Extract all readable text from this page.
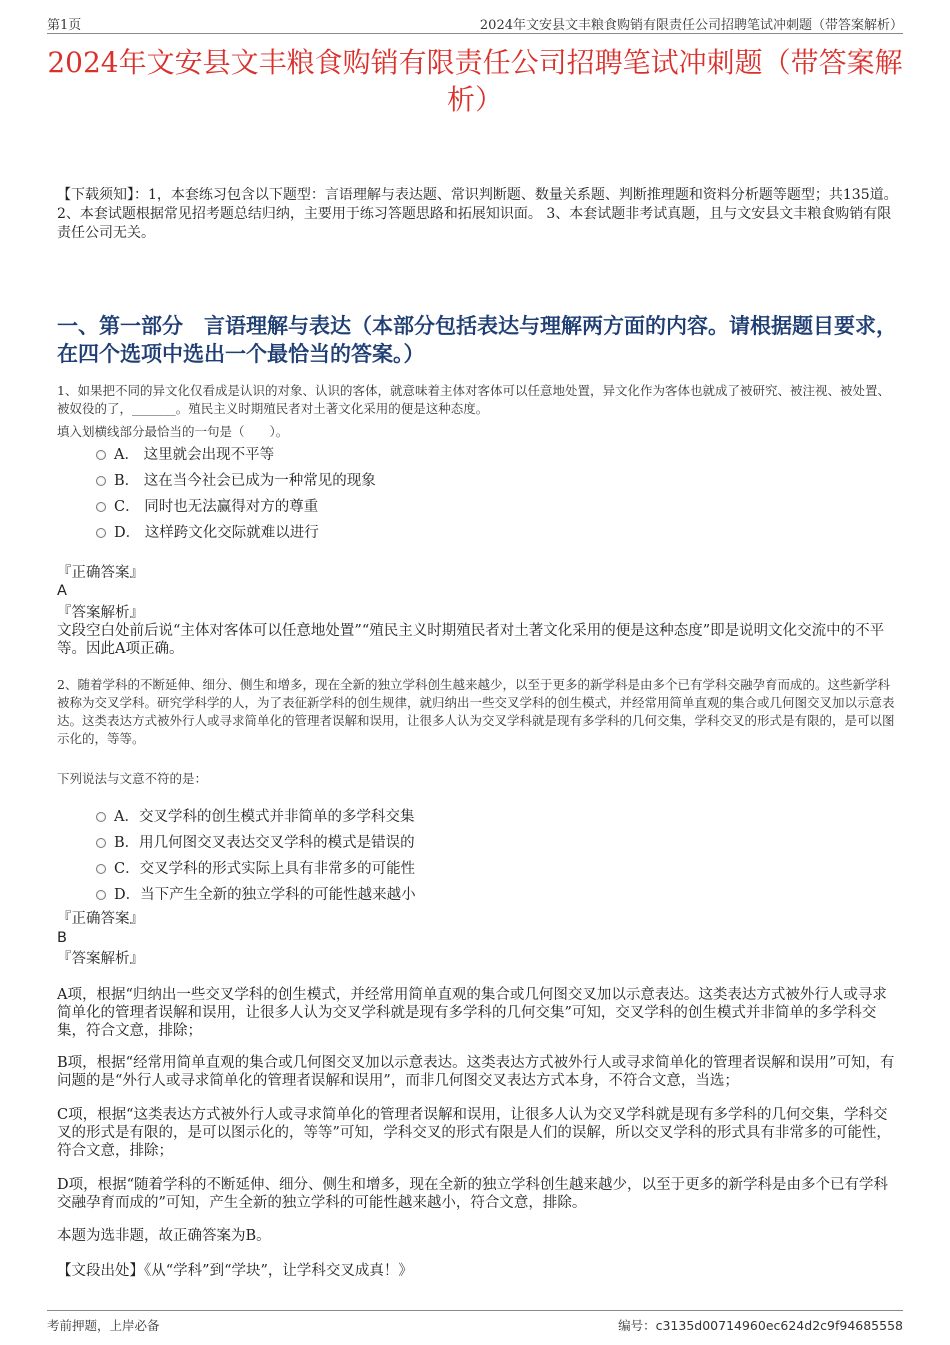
第1页	2024年文安县文丰粮食购销有限责任公司招聘笔试冲刺题（带答案解析）
2024年文安县文丰粮食购销有限责任公司招聘笔试冲刺题（带答案解析）

【下载须知】：1，本套练习包含以下题型：言语理解与表达题、常识判断题、数量关系题、判断推理题和资料分析题等题型；共135道。 2、本套试题根据常见招考题总结归纳，主要用于练习答题思路和拓展知识面。 3、本套试题非考试真题，且与文安县文丰粮食购销有限责任公司无关。

一、第一部分　言语理解与表达（本部分包括表达与理解两方面的内容。请根据题目要求，在四个选项中选出一个最恰当的答案。）

1、如果把不同的异文化仅看成是认识的对象、认识的客体，就意味着主体对客体可以任意地处置，异文化作为客体也就成了被研究、被注视、被处置、被奴役的了，_______。殖民主义时期殖民者对土著文化采用的便是这种态度。

填入划横线部分最恰当的一句是（　　）。

A． 这里就会出现不平等
B． 这在当今社会已成为一种常见的现象
C． 同时也无法赢得对方的尊重
D． 这样跨文化交际就难以进行
『正确答案』
A
『答案解析』

文段空白处前后说“主体对客体可以任意地处置”“殖民主义时期殖民者对土著文化采用的便是这种态度”即是说明文化交流中的不平等。因此A项正确。

2、随着学科的不断延伸、细分、侧生和增多，现在全新的独立学科创生越来越少，以至于更多的新学科是由多个已有学科交融孕育而成的。这些新学科被称为交叉学科。研究学科学的人，为了表征新学科的创生规律，就归纳出一些交叉学科的创生模式，并经常用简单直观的集合或几何图交叉加以示意表达。这类表达方式被外行人或寻求简单化的管理者误解和误用，让很多人认为交叉学科就是现有多学科的几何交集，学科交叉的形式是有限的，是可以图示化的，等等。

下列说法与文意不符的是：

A．交叉学科的创生模式并非简单的多学科交集
B．用几何图交叉表达交叉学科的模式是错误的
C．交叉学科的形式实际上具有非常多的可能性
D．当下产生全新的独立学科的可能性越来越小
『正确答案』
B
『答案解析』

A项，根据“归纳出一些交叉学科的创生模式，并经常用简单直观的集合或几何图交叉加以示意表达。这类表达方式被外行人或寻求简单化的管理者误解和误用，让很多人认为交叉学科就是现有多学科的几何交集”可知，交叉学科的创生模式并非简单的多学科交集，符合文意，排除；

B项，根据“经常用简单直观的集合或几何图交叉加以示意表达。这类表达方式被外行人或寻求简单化的管理者误解和误用”可知，有问题的是“外行人或寻求简单化的管理者误解和误用”，而非几何图交叉表达方式本身，不符合文意，当选；

C项，根据“这类表达方式被外行人或寻求简单化的管理者误解和误用，让很多人认为交叉学科就是现有多学科的几何交集，学科交叉的形式是有限的，是可以图示化的，等等”可知，学科交叉的形式有限是人们的误解，所以交叉学科的形式具有非常多的可能性，符合文意，排除；

D项，根据“随着学科的不断延伸、细分、侧生和增多，现在全新的独立学科创生越来越少，以至于更多的新学科是由多个已有学科交融孕育而成的”可知，产生全新的独立学科的可能性越来越小，符合文意，排除。

本题为选非题，故正确答案为B。

【文段出处】《从“学科”到“学块”，让学科交叉成真！》

考前押题，上岸必备	编号：c3135d00714960ec624d2c9f94685558
